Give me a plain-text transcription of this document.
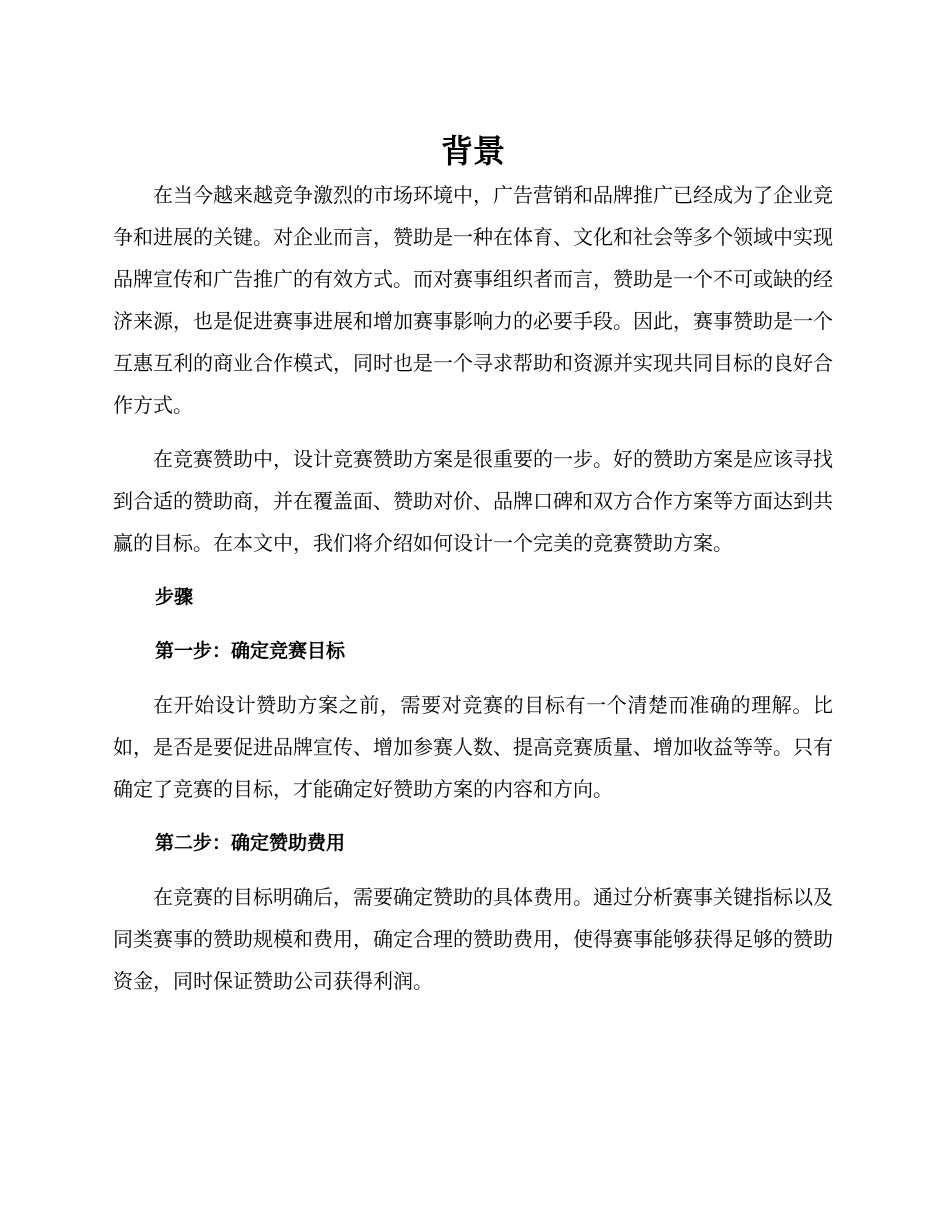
背景

在当今越来越竞争激烈的市场环境中，广告营销和品牌推广已经成为了企业竞争和进展的关键。对企业而言，赞助是一种在体育、文化和社会等多个领域中实现品牌宣传和广告推广的有效方式。而对赛事组织者而言，赞助是一个不可或缺的经济来源，也是促进赛事进展和增加赛事影响力的必要手段。因此，赛事赞助是一个互惠互利的商业合作模式，同时也是一个寻求帮助和资源并实现共同目标的良好合作方式。

在竞赛赞助中，设计竞赛赞助方案是很重要的一步。好的赞助方案是应该寻找到合适的赞助商，并在覆盖面、赞助对价、品牌口碑和双方合作方案等方面达到共赢的目标。在本文中，我们将介绍如何设计一个完美的竞赛赞助方案。

步骤
第一步：确定竞赛目标

在开始设计赞助方案之前，需要对竞赛的目标有一个清楚而准确的理解。比如，是否是要促进品牌宣传、增加参赛人数、提高竞赛质量、增加收益等等。只有确定了竞赛的目标，才能确定好赞助方案的内容和方向。

第二步：确定赞助费用

在竞赛的目标明确后，需要确定赞助的具体费用。通过分析赛事关键指标以及同类赛事的赞助规模和费用，确定合理的赞助费用，使得赛事能够获得足够的赞助资金，同时保证赞助公司获得利润。
